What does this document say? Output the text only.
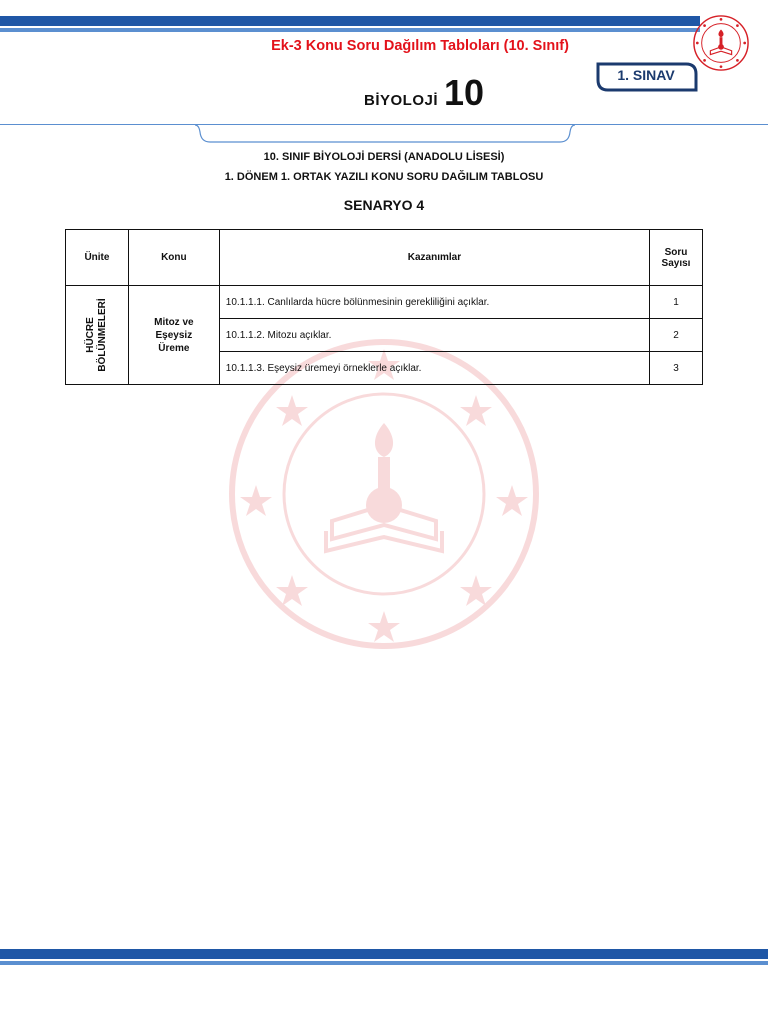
Ek-3 Konu Soru Dağılım Tabloları (10. Sınıf)
1. SINAV
BİYOLOJİ 10
10. SINIF BİYOLOJİ DERSİ (ANADOLU LİSESİ)
1. DÖNEM 1. ORTAK YAZILI KONU SORU DAĞILIM TABLOSU
SENARYO 4
Ünite	Konu	Kazanımlar	Soru
Sayısı

HÜCRE BÖLÜNMELERİ	Mitoz ve
Eşeysiz
Üreme	10.1.1.1. Canlılarda hücre bölünmesinin gerekliliğini açıklar.	1
		10.1.1.2. Mitozu açıklar.	2
		10.1.1.3. Eşeysiz üremeyi örneklerle açıklar.	3
